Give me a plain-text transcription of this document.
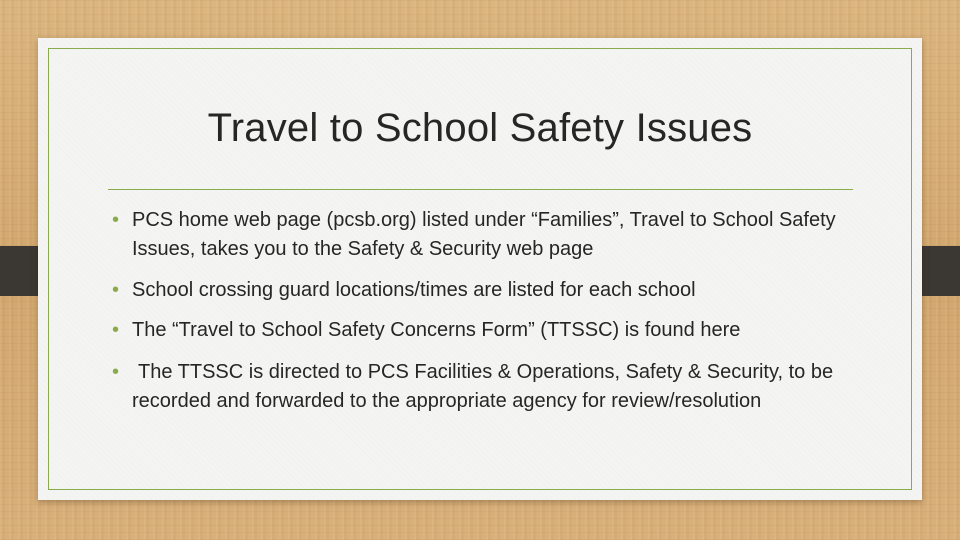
Travel to School Safety Issues
• PCS home web page (pcsb.org) listed under “Families”, Travel to School Safety Issues, takes you to the Safety & Security web page
• School crossing guard locations/times are listed for each school
• The “Travel to School Safety Concerns Form” (TTSSC) is found here
• The TTSSC is directed to PCS Facilities & Operations, Safety & Security, to be recorded and forwarded to the appropriate agency for review/resolution
